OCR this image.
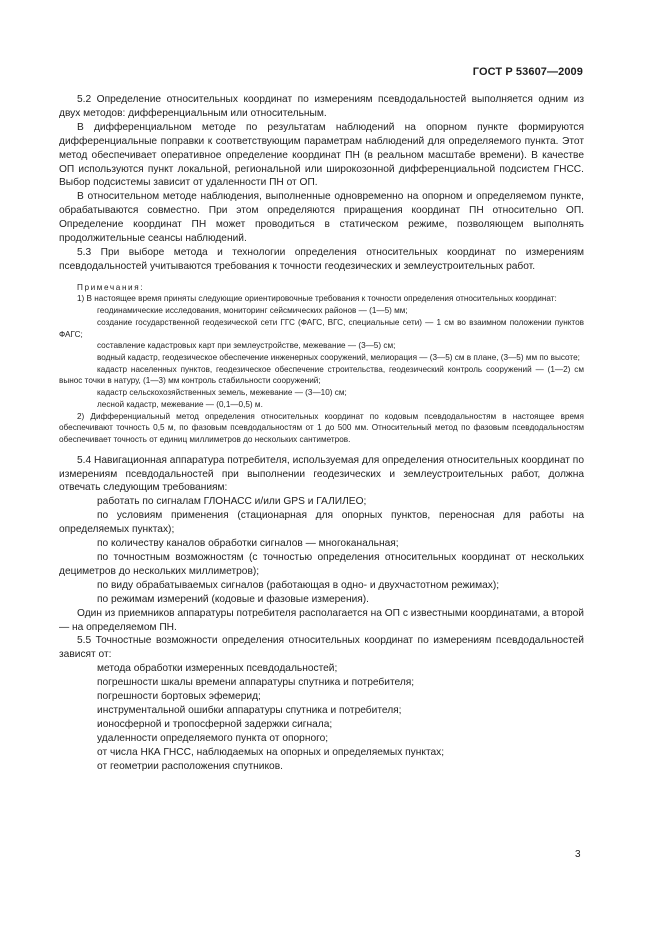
ГОСТ Р 53607—2009

5.2 Определение относительных координат по измерениям псевдодальностей выполняется одним из двух методов: дифференциальным или относительным.

В дифференциальном методе по результатам наблюдений на опорном пункте формируются дифференциальные поправки к соответствующим параметрам наблюдений для определяемого пункта. Этот метод обеспечивает оперативное определение координат ПН (в реальном масштабе времени). В качестве ОП используются пункт локальной, региональной или широкозонной дифференциальной подсистем ГНСС. Выбор подсистемы зависит от удаленности ПН от ОП.

В относительном методе наблюдения, выполненные одновременно на опорном и определяемом пункте, обрабатываются совместно. При этом определяются приращения координат ПН относительно ОП. Определение координат ПН может проводиться в статическом режиме, позволяющем выполнять продолжительные сеансы наблюдений.

5.3 При выборе метода и технологии определения относительных координат по измерениям псевдодальностей учитываются требования к точности геодезических и землеустроительных работ.

Примечания:

1) В настоящее время приняты следующие ориентировочные требования к точности определения относительных координат:

геодинамические исследования, мониторинг сейсмических районов — (1—5) мм;

создание государственной геодезической сети ГГС (ФАГС, ВГС, специальные сети) — 1 см во взаимном положении пунктов ФАГС;

составление кадастровых карт при землеустройстве, межевание — (3—5) см;

водный кадастр, геодезическое обеспечение инженерных сооружений, мелиорация — (3—5) см в плане, (3—5) мм по высоте;

кадастр населенных пунктов, геодезическое обеспечение строительства, геодезический контроль сооружений — (1—2) см вынос точки в натуру, (1—3) мм контроль стабильности сооружений;

кадастр сельскохозяйственных земель, межевание — (3—10) см;

лесной кадастр, межевание — (0,1—0,5) м.

2) Дифференциальный метод определения относительных координат по кодовым псевдодальностям в настоящее время обеспечивают точность 0,5 м, по фазовым псевдодальностям от 1 до 500 мм. Относительный метод по фазовым псевдодальностям обеспечивает точность от единиц миллиметров до нескольких сантиметров.

5.4 Навигационная аппаратура потребителя, используемая для определения относительных координат по измерениям псевдодальностей при выполнении геодезических и землеустроительных работ, должна отвечать следующим требованиям:

работать по сигналам ГЛОНАСС и/или GPS и ГАЛИЛЕО;

по условиям применения (стационарная для опорных пунктов, переносная для работы на определяемых пунктах);

по количеству каналов обработки сигналов — многоканальная;

по точностным возможностям (с точностью определения относительных координат от нескольких дециметров до нескольких миллиметров);

по виду обрабатываемых сигналов (работающая в одно- и двухчастотном режимах);

по режимам измерений (кодовые и фазовые измерения).

Один из приемников аппаратуры потребителя располагается на ОП с известными координатами, а второй — на определяемом ПН.

5.5 Точностные возможности определения относительных координат по измерениям псевдодальностей зависят от:

метода обработки измеренных псевдодальностей;

погрешности шкалы времени аппаратуры спутника и потребителя;

погрешности бортовых эфемерид;

инструментальной ошибки аппаратуры спутника и потребителя;

ионосферной и тропосферной задержки сигнала;

удаленности определяемого пункта от опорного;

от числа НКА ГНСС, наблюдаемых на опорных и определяемых пунктах;

от геометрии расположения спутников.

3
